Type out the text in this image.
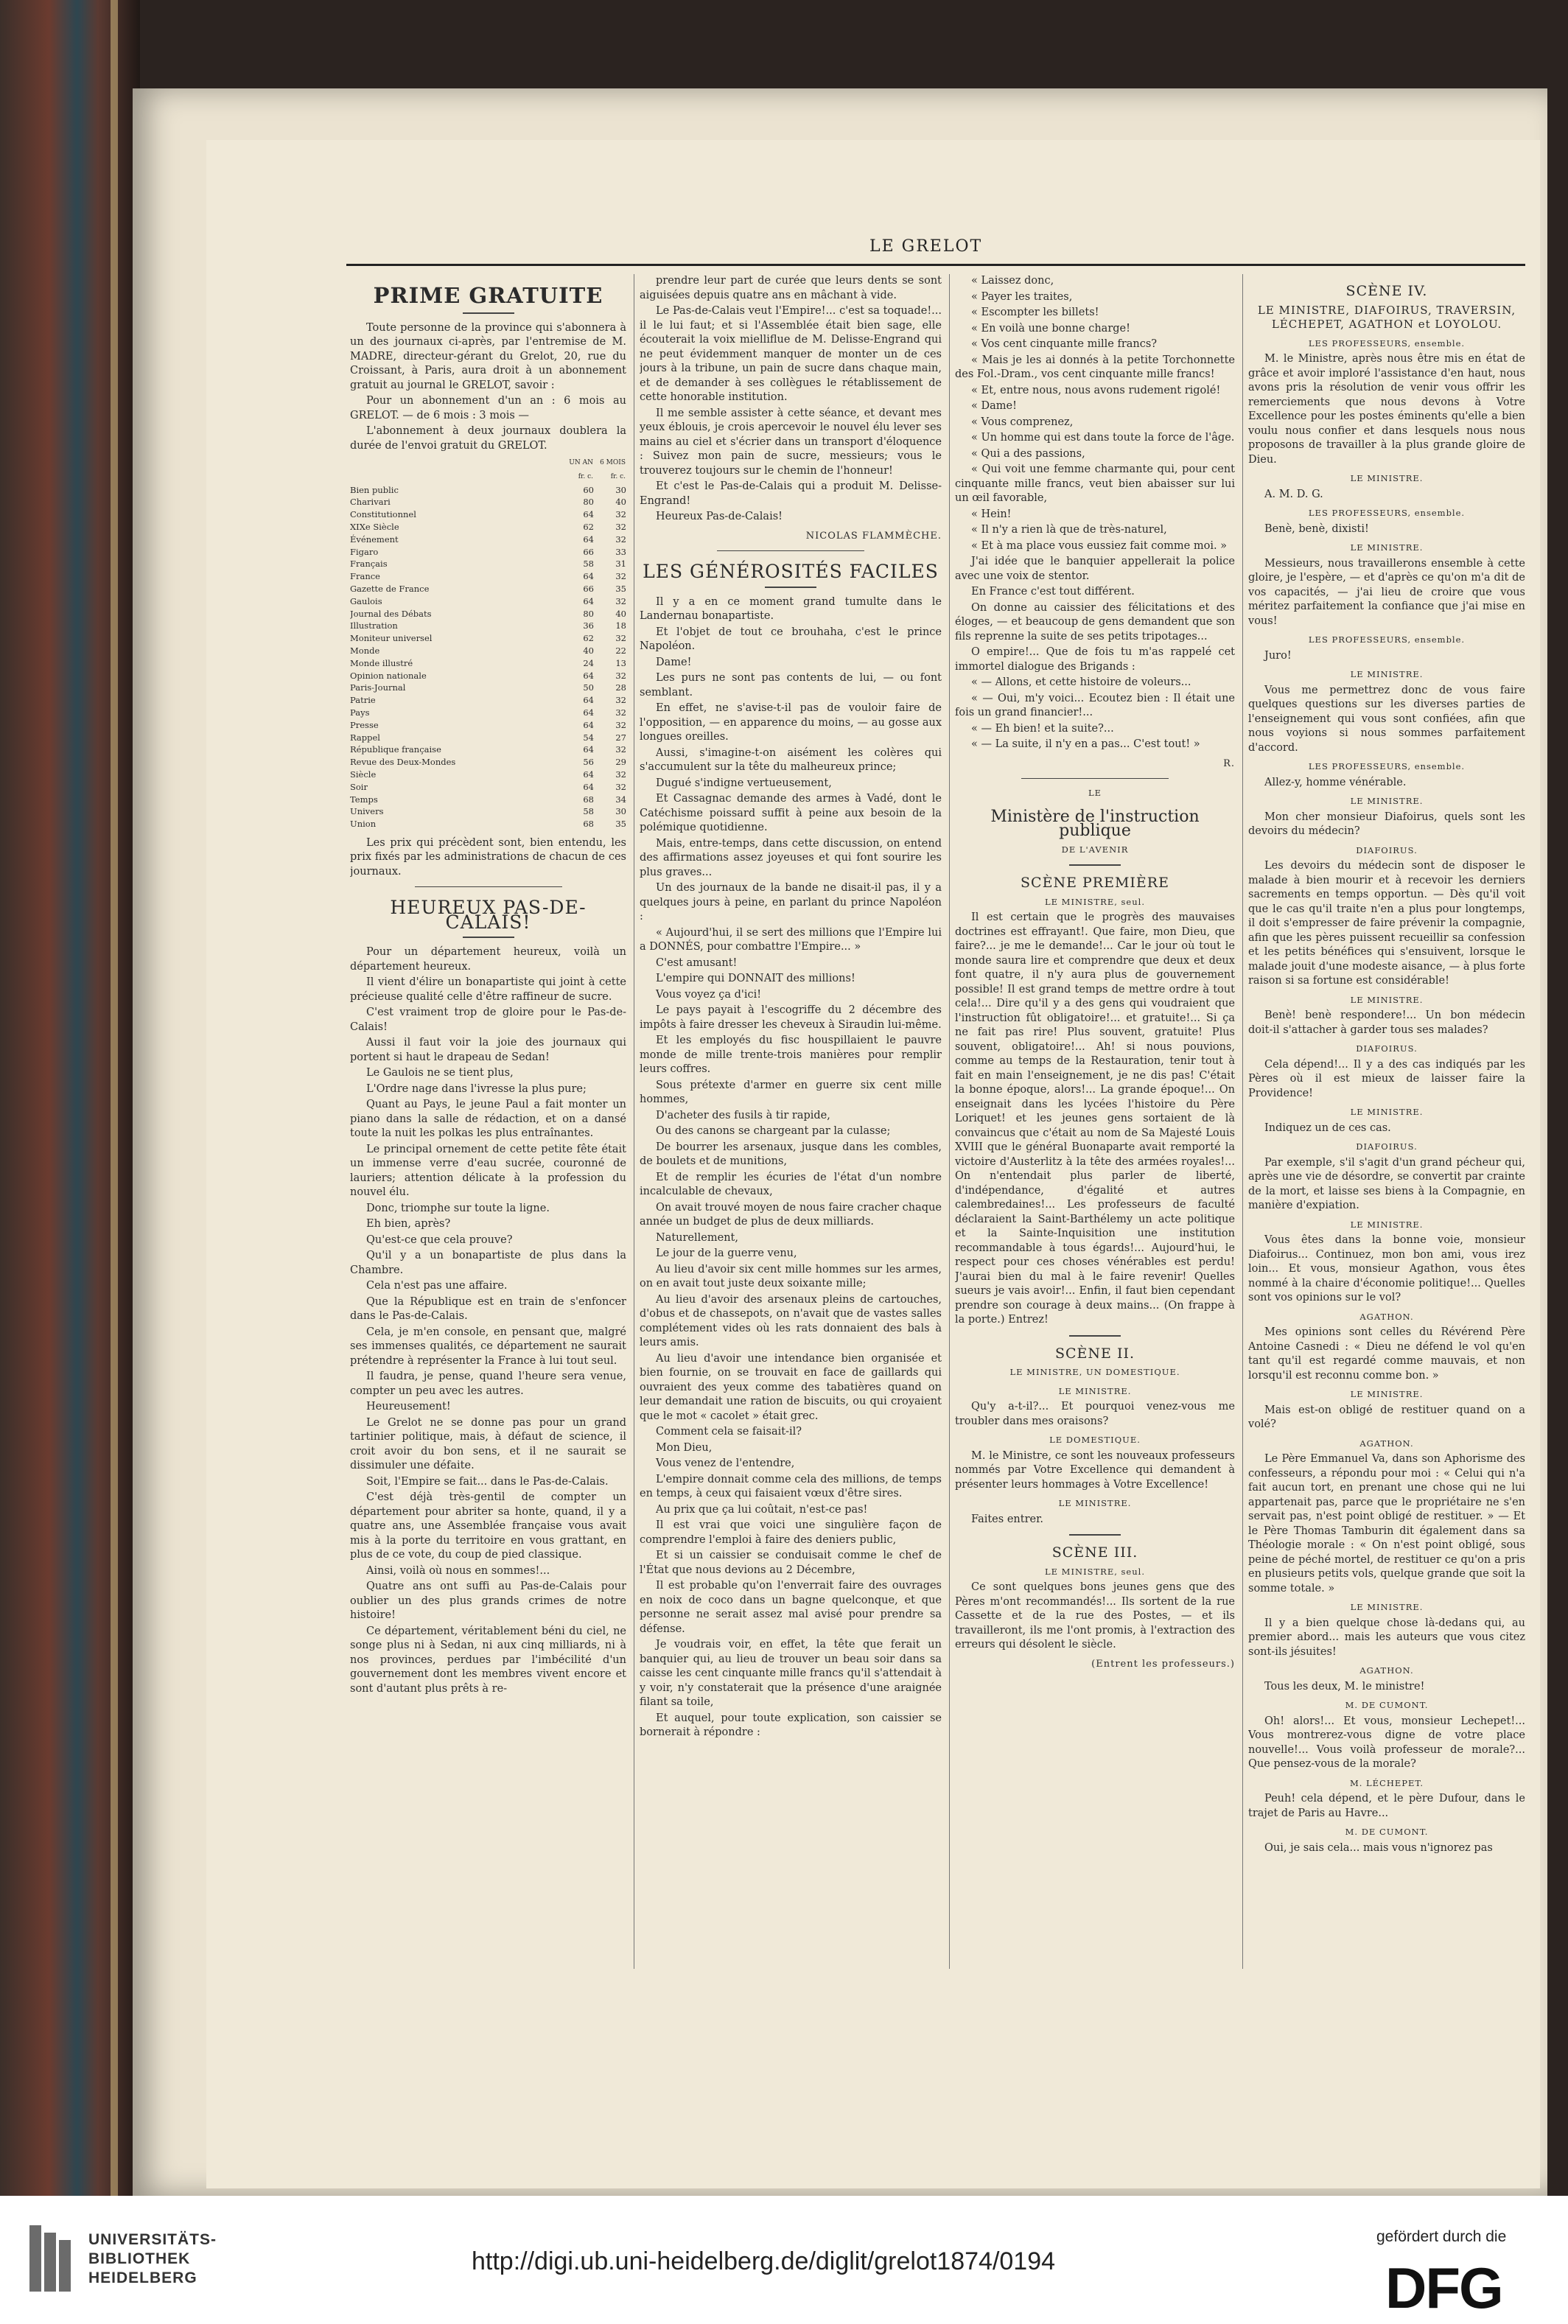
LE GRELOT
PRIME GRATUITE

Toute personne de la province qui s'abonnera à un des journaux ci-après, par l'entremise de M. MADRE, directeur-gérant du Grelot, 20, rue du Croissant, à Paris, aura droit à un abonnement gratuit au journal le GRELOT, savoir :

Pour un abonnement d'un an : 6 mois au GRELOT. — de 6 mois : 3 mois —

L'abonnement à deux journaux doublera la durée de l'envoi gratuit du GRELOT.

	UN AN	6 MOIS
	fr. c.	fr. c.
Bien public	60	30
Charivari	80	40
Constitutionnel	64	32
XIXe Siècle	62	32
Événement	64	32
Figaro	66	33
Français	58	31
France	64	32
Gazette de France	66	35
Gaulois	64	32
Journal des Débats	80	40
Illustration	36	18
Moniteur universel	62	32
Monde	40	22
Monde illustré	24	13
Opinion nationale	64	32
Paris-Journal	50	28
Patrie	64	32
Pays	64	32
Presse	64	32
Rappel	54	27
République française	64	32
Revue des Deux-Mondes	56	29
Siècle	64	32
Soir	64	32
Temps	68	34
Univers	58	30
Union	68	35

Les prix qui précèdent sont, bien entendu, les prix fixés par les administrations de chacun de ces journaux.

HEUREUX PAS-DE-CALAIS!

Pour un département heureux, voilà un département heureux.

Il vient d'élire un bonapartiste qui joint à cette précieuse qualité celle d'être raffineur de sucre.

C'est vraiment trop de gloire pour le Pas-de-Calais!

Aussi il faut voir la joie des journaux qui portent si haut le drapeau de Sedan!

Le Gaulois ne se tient plus,

L'Ordre nage dans l'ivresse la plus pure;

Quant au Pays, le jeune Paul a fait monter un piano dans la salle de rédaction, et on a dansé toute la nuit les polkas les plus entraînantes.

Le principal ornement de cette petite fête était un immense verre d'eau sucrée, couronné de lauriers; attention délicate à la profession du nouvel élu.

Donc, triomphe sur toute la ligne.

Eh bien, après?

Qu'est-ce que cela prouve?

Qu'il y a un bonapartiste de plus dans la Chambre.

Cela n'est pas une affaire.

Que la République est en train de s'enfoncer dans le Pas-de-Calais.

Cela, je m'en console, en pensant que, malgré ses immenses qualités, ce département ne saurait prétendre à représenter la France à lui tout seul.

Il faudra, je pense, quand l'heure sera venue, compter un peu avec les autres.

Heureusement!

Le Grelot ne se donne pas pour un grand tartinier politique, mais, à défaut de science, il croit avoir du bon sens, et il ne saurait se dissimuler une défaite.

Soit, l'Empire se fait... dans le Pas-de-Calais.

C'est déjà très-gentil de compter un département pour abriter sa honte, quand, il y a quatre ans, une Assemblée française vous avait mis à la porte du territoire en vous grattant, en plus de ce vote, du coup de pied classique.

Ainsi, voilà où nous en sommes!...

Quatre ans ont suffi au Pas-de-Calais pour oublier un des plus grands crimes de notre histoire!

Ce département, véritablement béni du ciel, ne songe plus ni à Sedan, ni aux cinq milliards, ni à nos provinces, perdues par l'imbécilité d'un gouvernement dont les membres vivent encore et sont d'autant plus prêts à re-

prendre leur part de curée que leurs dents se sont aiguisées depuis quatre ans en mâchant à vide.

Le Pas-de-Calais veut l'Empire!... c'est sa toquade!... il le lui faut; et si l'Assemblée était bien sage, elle écouterait la voix mielliflue de M. Delisse-Engrand qui ne peut évidemment manquer de monter un de ces jours à la tribune, un pain de sucre dans chaque main, et de demander à ses collègues le rétablissement de cette honorable institution.

Il me semble assister à cette séance, et devant mes yeux éblouis, je crois apercevoir le nouvel élu lever ses mains au ciel et s'écrier dans un transport d'éloquence : Suivez mon pain de sucre, messieurs; vous le trouverez toujours sur le chemin de l'honneur!

Et c'est le Pas-de-Calais qui a produit M. Delisse-Engrand!

Heureux Pas-de-Calais!

NICOLAS FLAMMÈCHE.
LES GÉNÉROSITÉS FACILES

Il y a en ce moment grand tumulte dans le Landernau bonapartiste.

Et l'objet de tout ce brouhaha, c'est le prince Napoléon.

Dame!

Les purs ne sont pas contents de lui, — ou font semblant.

En effet, ne s'avise-t-il pas de vouloir faire de l'opposition, — en apparence du moins, — au gosse aux longues oreilles.

Aussi, s'imagine-t-on aisément les colères qui s'accumulent sur la tête du malheureux prince;

Dugué s'indigne vertueusement,

Et Cassagnac demande des armes à Vadé, dont le Catéchisme poissard suffit à peine aux besoin de la polémique quotidienne.

Mais, entre-temps, dans cette discussion, on entend des affirmations assez joyeuses et qui font sourire les plus graves...

Un des journaux de la bande ne disait-il pas, il y a quelques jours à peine, en parlant du prince Napoléon :

« Aujourd'hui, il se sert des millions que l'Empire lui a DONNÉS, pour combattre l'Empire... »

C'est amusant!

L'empire qui DONNAIT des millions!

Vous voyez ça d'ici!

Le pays payait à l'escogriffe du 2 décembre des impôts à faire dresser les cheveux à Siraudin lui-même.

Et les employés du fisc houspillaient le pauvre monde de mille trente-trois manières pour remplir leurs coffres.

Sous prétexte d'armer en guerre six cent mille hommes,

D'acheter des fusils à tir rapide,

Ou des canons se chargeant par la culasse;

De bourrer les arsenaux, jusque dans les combles, de boulets et de munitions,

Et de remplir les écuries de l'état d'un nombre incalculable de chevaux,

On avait trouvé moyen de nous faire cracher chaque année un budget de plus de deux milliards.

Naturellement,

Le jour de la guerre venu,

Au lieu d'avoir six cent mille hommes sur les armes, on en avait tout juste deux soixante mille;

Au lieu d'avoir des arsenaux pleins de cartouches, d'obus et de chassepots, on n'avait que de vastes salles complétement vides où les rats donnaient des bals à leurs amis.

Au lieu d'avoir une intendance bien organisée et bien fournie, on se trouvait en face de gaillards qui ouvraient des yeux comme des tabatières quand on leur demandait une ration de biscuits, ou qui croyaient que le mot « cacolet » était grec.

Comment cela se faisait-il?

Mon Dieu,

Vous venez de l'entendre,

L'empire donnait comme cela des millions, de temps en temps, à ceux qui faisaient vœux d'être sires.

Au prix que ça lui coûtait, n'est-ce pas!

Il est vrai que voici une singulière façon de comprendre l'emploi à faire des deniers public,

Et si un caissier se conduisait comme le chef de l'État que nous devions au 2 Décembre,

Il est probable qu'on l'enverrait faire des ouvrages en noix de coco dans un bagne quelconque, et que personne ne serait assez mal avisé pour prendre sa défense.

Je voudrais voir, en effet, la tête que ferait un banquier qui, au lieu de trouver un beau soir dans sa caisse les cent cinquante mille francs qu'il s'attendait à y voir, n'y constaterait que la présence d'une araignée filant sa toile,

Et auquel, pour toute explication, son caissier se bornerait à répondre :

« Laissez donc,

« Payer les traites,

« Escompter les billets!

« En voilà une bonne charge!

« Vos cent cinquante mille francs?

« Mais je les ai donnés à la petite Torchonnette des Fol.-Dram., vos cent cinquante mille francs!

« Et, entre nous, nous avons rudement rigolé!

« Dame!

« Vous comprenez,

« Un homme qui est dans toute la force de l'âge.

« Qui a des passions,

« Qui voit une femme charmante qui, pour cent cinquante mille francs, veut bien abaisser sur lui un œil favorable,

« Hein!

« Il n'y a rien là que de très-naturel,

« Et à ma place vous eussiez fait comme moi. »

J'ai idée que le banquier appellerait la police avec une voix de stentor.

En France c'est tout différent.

On donne au caissier des félicitations et des éloges, — et beaucoup de gens demandent que son fils reprenne la suite de ses petits tripotages...

O empire!... Que de fois tu m'as rappelé cet immortel dialogue des Brigands :

« — Allons, et cette histoire de voleurs...

« — Oui, m'y voici... Ecoutez bien : Il était une fois un grand financier!...

« — Eh bien! et la suite?...

« — La suite, il n'y en a pas... C'est tout! »

R.
LE
Ministère de l'instruction publique
DE L'AVENIR
SCÈNE PREMIÈRE
LE MINISTRE, seul.

Il est certain que le progrès des mauvaises doctrines est effrayant!. Que faire, mon Dieu, que faire?... je me le demande!... Car le jour où tout le monde saura lire et comprendre que deux et deux font quatre, il n'y aura plus de gouvernement possible! Il est grand temps de mettre ordre à tout cela!... Dire qu'il y a des gens qui voudraient que l'instruction fût obligatoire!... et gratuite!... Si ça ne fait pas rire! Plus souvent, gratuite! Plus souvent, obligatoire!... Ah! si nous pouvions, comme au temps de la Restauration, tenir tout à fait en main l'enseignement, je ne dis pas! C'était la bonne époque, alors!... La grande époque!... On enseignait dans les lycées l'histoire du Père Loriquet! et les jeunes gens sortaient de là convaincus que c'était au nom de Sa Majesté Louis XVIII que le général Buonaparte avait remporté la victoire d'Austerlitz à la tête des armées royales!... On n'entendait plus parler de liberté, d'indépendance, d'égalité et autres calembredaines!... Les professeurs de faculté déclaraient la Saint-Barthélemy un acte politique et la Sainte-Inquisition une institution recommandable à tous égards!... Aujourd'hui, le respect pour ces choses vénérables est perdu! J'aurai bien du mal à le faire revenir! Quelles sueurs je vais avoir!... Enfin, il faut bien cependant prendre son courage à deux mains... (On frappe à la porte.) Entrez!

SCÈNE II.
LE MINISTRE, UN DOMESTIQUE.
LE MINISTRE.

Qu'y a-t-il?... Et pourquoi venez-vous me troubler dans mes oraisons?

LE DOMESTIQUE.

M. le Ministre, ce sont les nouveaux professeurs nommés par Votre Excellence qui demandent à présenter leurs hommages à Votre Excellence!

LE MINISTRE.

Faites entrer.

SCÈNE III.
LE MINISTRE, seul.

Ce sont quelques bons jeunes gens que des Pères m'ont recommandés!... Ils sortent de la rue Cassette et de la rue des Postes, — et ils travailleront, ils me l'ont promis, à l'extraction des erreurs qui désolent le siècle.

(Entrent les professeurs.)
SCÈNE IV.
LE MINISTRE, DIAFOIRUS, TRAVERSIN, LÉCHEPET, AGATHON et LOYOLOU.
LES PROFESSEURS, ensemble.

M. le Ministre, après nous être mis en état de grâce et avoir imploré l'assistance d'en haut, nous avons pris la résolution de venir vous offrir les remerciements que nous devons à Votre Excellence pour les postes éminents qu'elle a bien voulu nous confier et dans lesquels nous nous proposons de travailler à la plus grande gloire de Dieu.

LE MINISTRE.

A. M. D. G.

LES PROFESSEURS, ensemble.

Benè, benè, dixisti!

LE MINISTRE.

Messieurs, nous travaillerons ensemble à cette gloire, je l'espère, — et d'après ce qu'on m'a dit de vos capacités, — j'ai lieu de croire que vous méritez parfaitement la confiance que j'ai mise en vous!

LES PROFESSEURS, ensemble.

Juro!

LE MINISTRE.

Vous me permettrez donc de vous faire quelques questions sur les diverses parties de l'enseignement qui vous sont confiées, afin que nous voyions si nous sommes parfaitement d'accord.

LES PROFESSEURS, ensemble.

Allez-y, homme vénérable.

LE MINISTRE.

Mon cher monsieur Diafoirus, quels sont les devoirs du médecin?

DIAFOIRUS.

Les devoirs du médecin sont de disposer le malade à bien mourir et à recevoir les derniers sacrements en temps opportun. — Dès qu'il voit que le cas qu'il traite n'en a plus pour longtemps, il doit s'empresser de faire prévenir la compagnie, afin que les pères puissent recueillir sa confession et les petits bénéfices qui s'ensuivent, lorsque le malade jouit d'une modeste aisance, — à plus forte raison si sa fortune est considérable!

LE MINISTRE.

Benè! benè respondere!... Un bon médecin doit-il s'attacher à garder tous ses malades?

DIAFOIRUS.

Cela dépend!... Il y a des cas indiqués par les Pères où il est mieux de laisser faire la Providence!

LE MINISTRE.

Indiquez un de ces cas.

DIAFOIRUS.

Par exemple, s'il s'agit d'un grand pécheur qui, après une vie de désordre, se convertit par crainte de la mort, et laisse ses biens à la Compagnie, en manière d'expiation.

LE MINISTRE.

Vous êtes dans la bonne voie, monsieur Diafoirus... Continuez, mon bon ami, vous irez loin... Et vous, monsieur Agathon, vous êtes nommé à la chaire d'économie politique!... Quelles sont vos opinions sur le vol?

AGATHON.

Mes opinions sont celles du Révérend Père Antoine Casnedi : « Dieu ne défend le vol qu'en tant qu'il est regardé comme mauvais, et non lorsqu'il est reconnu comme bon. »

LE MINISTRE.

Mais est-on obligé de restituer quand on a volé?

AGATHON.

Le Père Emmanuel Va, dans son Aphorisme des confesseurs, a répondu pour moi : « Celui qui n'a fait aucun tort, en prenant une chose qui ne lui appartenait pas, parce que le propriétaire ne s'en servait pas, n'est point obligé de restituer. » — Et le Père Thomas Tamburin dit également dans sa Théologie morale : « On n'est point obligé, sous peine de péché mortel, de restituer ce qu'on a pris en plusieurs petits vols, quelque grande que soit la somme totale. »

LE MINISTRE.

Il y a bien quelque chose là-dedans qui, au premier abord... mais les auteurs que vous citez sont-ils jésuites!

AGATHON.

Tous les deux, M. le ministre!

M. DE CUMONT.

Oh! alors!... Et vous, monsieur Lechepet!... Vous montrerez-vous digne de votre place nouvelle!... Vous voilà professeur de morale?... Que pensez-vous de la morale?

M. LÉCHEPET.

Peuh! cela dépend, et le père Dufour, dans le trajet de Paris au Havre...

M. DE CUMONT.

Oui, je sais cela... mais vous n'ignorez pas

UNIVERSITÄTS-
BIBLIOTHEK
HEIDELBERG
http://digi.ub.uni-heidelberg.de/diglit/grelot1874/0194
gefördert durch die
DFG
